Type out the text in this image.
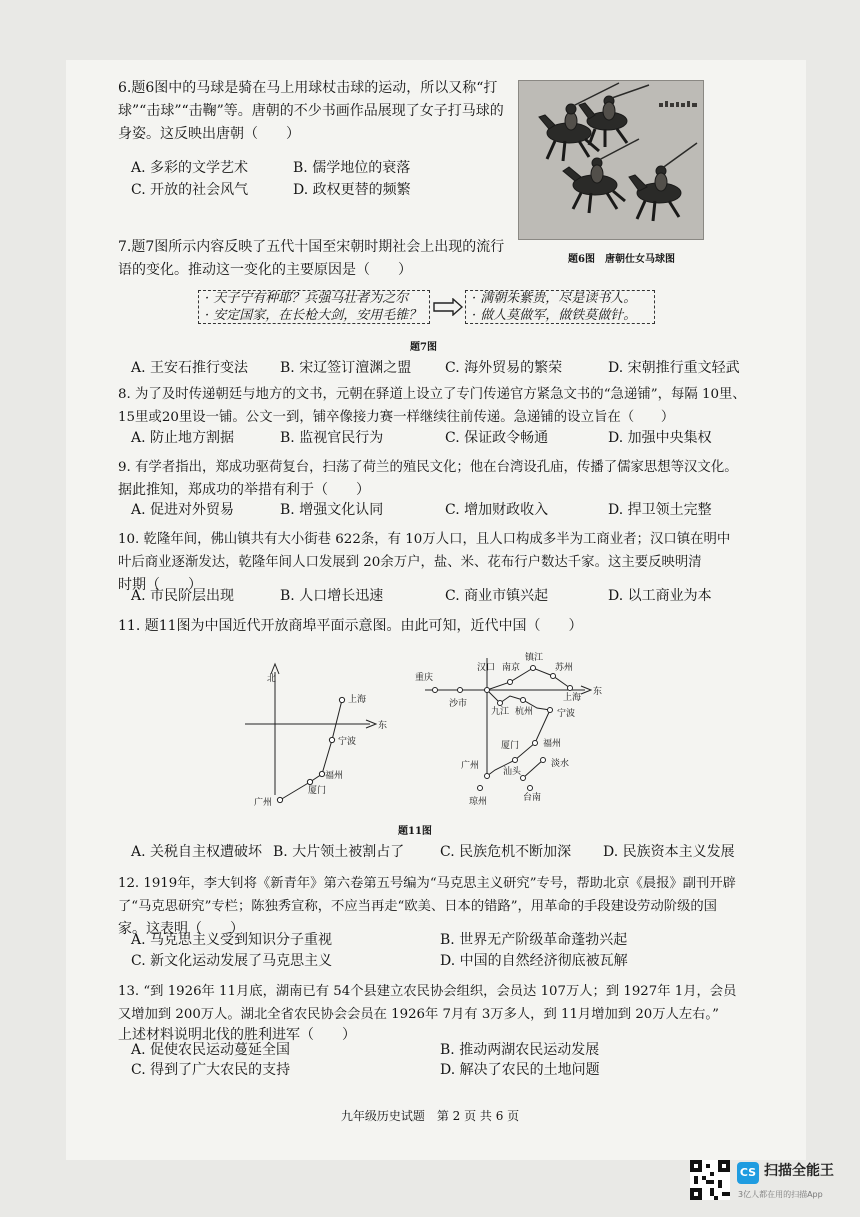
6.题6图中的马球是骑在马上用球杖击球的运动，所以又称“打
球”“击球”“击鞠”等。唐朝的不少书画作品展现了女子打马球的
身姿。这反映出唐朝（　　）
A. 多彩的文学艺术	B. 儒学地位的衰落
C. 开放的社会风气	D. 政权更替的频繁
题6图　唐朝仕女马球图
7.题7图所示内容反映了五代十国至宋朝时期社会上出现的流行
语的变化。推动这一变化的主要原因是（　　）
· 天子宁有种耶？兵强马壮者为之尔
· 安定国家，在长枪大剑，安用毛锥？
· 满朝朱紫贵，尽是读书人。
· 做人莫做军，做铁莫做针。
题7图
A. 王安石推行变法 B. 宋辽签订澶渊之盟 C. 海外贸易的繁荣	D. 宋朝推行重文轻武
8. 为了及时传递朝廷与地方的文书，元朝在驿道上设立了专门传递官方紧急文书的“急递铺”，每隔 10里、
15里或20里设一铺。公文一到，铺卒像接力赛一样继续往前传递。急递铺的设立旨在（　　）
A. 防止地方割据	B. 监视官民行为	C. 保证政令畅通	D. 加强中央集权
9. 有学者指出，郑成功驱荷复台，扫荡了荷兰的殖民文化；他在台湾设孔庙，传播了儒家思想等汉文化。
据此推知，郑成功的举措有利于（　　）
A. 促进对外贸易	B. 增强文化认同	C. 增加财政收入	D. 捍卫领土完整
10. 乾隆年间，佛山镇共有大小街巷 622条，有 10万人口，且人口构成多半为工商业者；汉口镇在明中
叶后商业逐渐发达，乾隆年间人口发展到 20余万户，盐、米、花布行户数达千家。这主要反映明清
时期（　　）
A. 市民阶层出现	B. 人口增长迅速	C. 商业市镇兴起	D. 以工商业为本
11. 题11图为中国近代开放商埠平面示意图。由此可知，近代中国（　　）
北
东
上海
宁波
福州
厦门
广州
东
重庆
沙市
汉口 南京
镇江
苏州
上海
九江 杭州	宁波
厦门	福州
广州
汕头
淡水
台南
琼州
题11图
A. 关税自主权遭破坏 B. 大片领土被割占了	C. 民族危机不断加深 D. 民族资本主义发展
12. 1919年，李大钊将《新青年》第六卷第五号编为“马克思主义研究”专号，帮助北京《晨报》副刊开辟
了“马克思研究”专栏；陈独秀宣称，不应当再走“欧美、日本的错路”，用革命的手段建设劳动阶级的国
家。这表明（　　）
A. 马克思主义受到知识分子重视	B. 世界无产阶级革命蓬勃兴起
C. 新文化运动发展了马克思主义	D. 中国的自然经济彻底被瓦解
13. “到 1926年 11月底，湖南已有 54个县建立农民协会组织，会员达 107万人；到 1927年 1月，会员
又增加到 200万人。湖北全省农民协会会员在 1926年 7月有 3万多人，到 11月增加到 20万人左右。”
上述材料说明北伐的胜利进军（　　）
A. 促使农民运动蔓延全国	B. 推动两湖农民运动发展
C. 得到了广大农民的支持	D. 解决了农民的土地问题
九年级历史试题　第 2 页 共 6 页
CS 扫描全能王
3亿人都在用的扫描App
